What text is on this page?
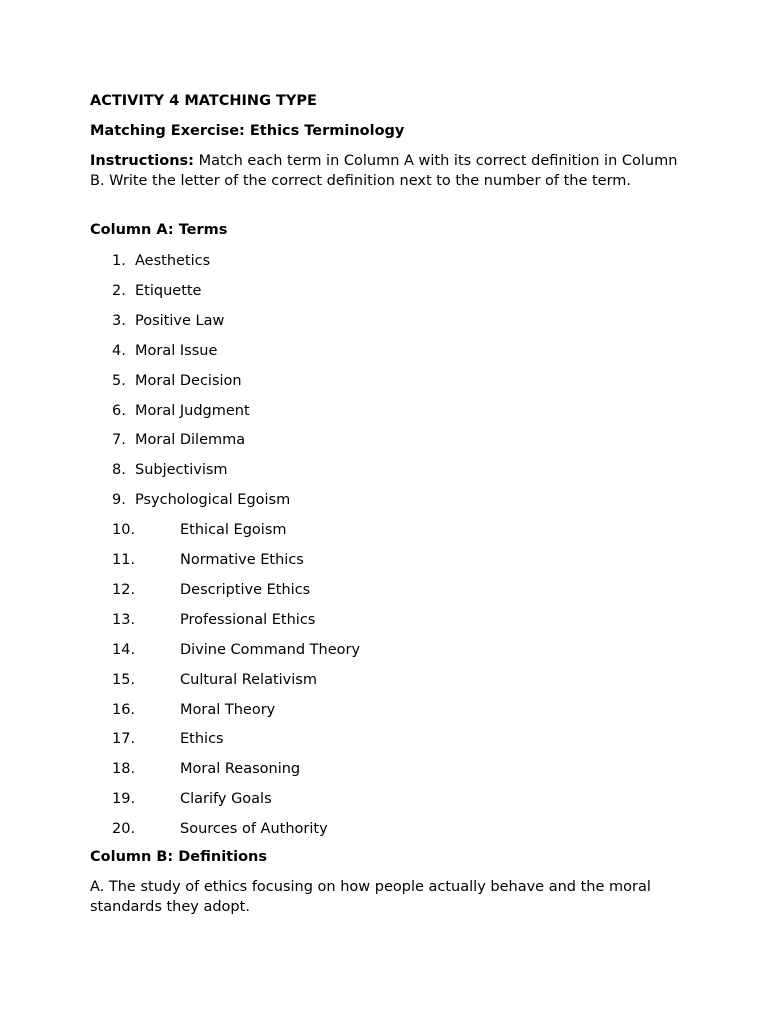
ACTIVITY 4 MATCHING TYPE
Matching Exercise: Ethics Terminology
Instructions: Match each term in Column A with its correct definition in Column B. Write the letter of the correct definition next to the number of the term.
Column A: Terms
1. Aesthetics
2. Etiquette
3. Positive Law
4. Moral Issue
5. Moral Decision
6. Moral Judgment
7. Moral Dilemma
8. Subjectivism
9. Psychological Egoism
10.	Ethical Egoism
11.	Normative Ethics
12.	Descriptive Ethics
13.	Professional Ethics
14.	Divine Command Theory
15.	Cultural Relativism
16.	Moral Theory
17.	Ethics
18.	Moral Reasoning
19.	Clarify Goals
20.	Sources of Authority
Column B: Definitions
A. The study of ethics focusing on how people actually behave and the moral standards they adopt.
